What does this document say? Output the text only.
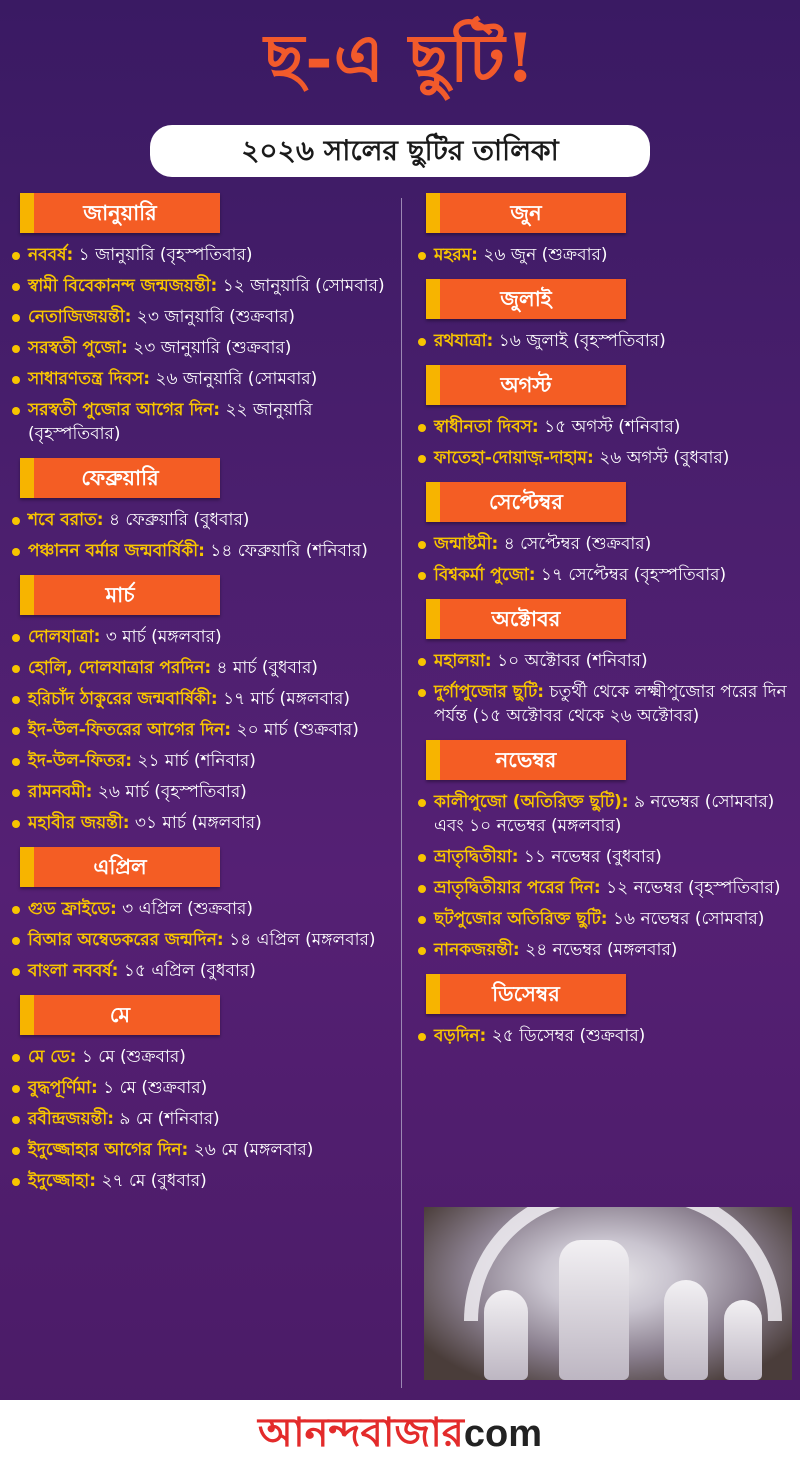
ছ-এ ছুটি!
২০২৬ সালের ছুটির তালিকা
জানুয়ারি
নববর্ষ: ১ জানুয়ারি (বৃহস্পতিবার)
স্বামী বিবেকানন্দ জন্মজয়ন্তী: ১২ জানুয়ারি (সোমবার)
নেতাজিজয়ন্তী: ২৩ জানুয়ারি (শুক্রবার)
সরস্বতী পুজো: ২৩ জানুয়ারি (শুক্রবার)
সাধারণতন্ত্র দিবস: ২৬ জানুয়ারি (সোমবার)
সরস্বতী পুজোর আগের দিন: ২২ জানুয়ারি (বৃহস্পতিবার)
ফেব্রুয়ারি
শবে বরাত: ৪ ফেব্রুয়ারি (বুধবার)
পঞ্চানন বর্মার জন্মবার্ষিকী: ১৪ ফেব্রুয়ারি (শনিবার)
মার্চ
দোলযাত্রা: ৩ মার্চ (মঙ্গলবার)
হোলি, দোলযাত্রার পরদিন: ৪ মার্চ (বুধবার)
হরিচাঁদ ঠাকুরের জন্মবার্ষিকী: ১৭ মার্চ (মঙ্গলবার)
ইদ-উল-ফিতরের আগের দিন: ২০ মার্চ (শুক্রবার)
ইদ-উল-ফিতর: ২১ মার্চ (শনিবার)
রামনবমী: ২৬ মার্চ (বৃহস্পতিবার)
মহাবীর জয়ন্তী: ৩১ মার্চ (মঙ্গলবার)
এপ্রিল
গুড ফ্রাইডে: ৩ এপ্রিল (শুক্রবার)
বিআর অম্বেডকরের জন্মদিন: ১৪ এপ্রিল (মঙ্গলবার)
বাংলা নববর্ষ: ১৫ এপ্রিল (বুধবার)
মে
মে ডে: ১ মে (শুক্রবার)
বুদ্ধপূর্ণিমা: ১ মে (শুক্রবার)
রবীন্দ্রজয়ন্তী: ৯ মে (শনিবার)
ইদুজ্জোহার আগের দিন: ২৬ মে (মঙ্গলবার)
ইদুজ্জোহা: ২৭ মে (বুধবার)
জুন
মহরম: ২৬ জুন (শুক্রবার)
জুলাই
রথযাত্রা: ১৬ জুলাই (বৃহস্পতিবার)
অগস্ট
স্বাধীনতা দিবস: ১৫ অগস্ট (শনিবার)
ফাতেহা-দোয়াজ়-দাহাম: ২৬ অগস্ট (বুধবার)
সেপ্টেম্বর
জন্মাষ্টমী: ৪ সেপ্টেম্বর (শুক্রবার)
বিশ্বকর্মা পুজো: ১৭ সেপ্টেম্বর (বৃহস্পতিবার)
অক্টোবর
মহালয়া: ১০ অক্টোবর (শনিবার)
দুর্গাপুজোর ছুটি: চতুর্থী থেকে লক্ষ্মীপুজোর পরের দিন পর্যন্ত (১৫ অক্টোবর থেকে ২৬ অক্টোবর)
নভেম্বর
কালীপুজো (অতিরিক্ত ছুটি): ৯ নভেম্বর (সোমবার) এবং ১০ নভেম্বর (মঙ্গলবার)
ভ্রাতৃদ্বিতীয়া: ১১ নভেম্বর (বুধবার)
ভ্রাতৃদ্বিতীয়ার পরের দিন: ১২ নভেম্বর (বৃহস্পতিবার)
ছটপুজোর অতিরিক্ত ছুটি: ১৬ নভেম্বর (সোমবার)
নানকজয়ন্তী: ২৪ নভেম্বর (মঙ্গলবার)
ডিসেম্বর
বড়দিন: ২৫ ডিসেম্বর (শুক্রবার)
আনন্দবাজারcom
